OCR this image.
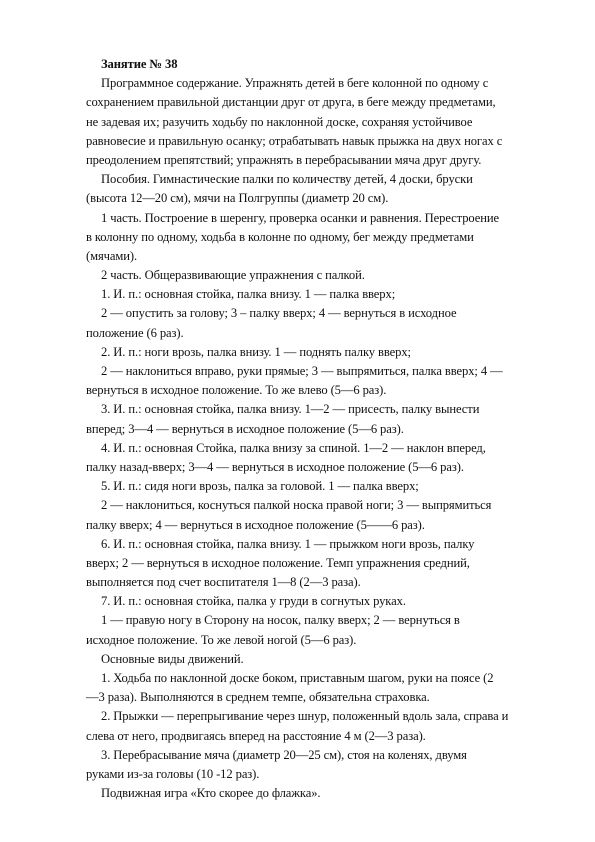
Занятие № 38
Программное содержание. Упражнять детей в беге колонной по одному с
сохранением правильной дистанции друг от друга, в беге между предметами,
не задевая их; разучить ходьбу по наклонной доске, сохраняя устойчивое
равновесие и правильную осанку; отрабатывать навык прыжка на двух ногах с
преодолением препятствий; упражнять в перебрасывании мяча друг другу.
Пособия. Гимнастические палки по количеству детей, 4 доски, бруски
(высота 12—20 см), мячи на Полгруппы (диаметр 20 см).
1 часть. Построение в шеренгу, проверка осанки и равнения. Перестроение
в колонну по одному, ходьба в колонне по одному, бег между предметами
(мячами).
2 часть. Общеразвивающие упражнения с палкой.
1. И. п.: основная стойка, палка внизу. 1 — палка вверх;
2 — опустить за голову; 3 – палку вверх; 4 — вернуться в исходное
положение (6 раз).
2. И. п.: ноги врозь, палка внизу. 1 — поднять палку вверх;
2 — наклониться вправо, руки прямые; 3 — выпрямиться, палка вверх; 4 —
вернуться в исходное положение. То же влево (5—6 раз).
3. И. п.: основная стойка, палка внизу. 1—2 — присесть, палку вынести
вперед; 3—4 — вернуться в исходное положение (5—6 раз).
4. И. п.: основная Стойка, палка внизу за спиной. 1—2 — наклон вперед,
палку назад-вверх; 3—4 — вернуться в исходное положение (5—6 раз).
5. И. п.: сидя ноги врозь, палка за головой. 1 — палка вверх;
2 — наклониться, коснуться палкой носка правой ноги; 3 — выпрямиться
палку вверх; 4 — вернуться в исходное положение (5——6 раз).
6. И. п.: основная стойка, палка внизу. 1 — прыжком ноги врозь, палку
вверх; 2 — вернуться в исходное положение. Темп упражнения средний,
выполняется под счет воспитателя 1—8 (2—3 раза).
7. И. п.: основная стойка, палка у груди в согнутых руках.
1 — правую ногу в Сторону на носок, палку вверх; 2 — вернуться в
исходное положение. То же левой ногой (5—6 раз).
Основные виды движений.
1. Ходьба по наклонной доске боком, приставным шагом, руки на поясе (2
—3 раза). Выполняются в среднем темпе, обязательна страховка.
2. Прыжки — перепрыгивание через шнур, положенный вдоль зала, справа и
слева от него, продвигаясь вперед на расстояние 4 м (2—3 раза).
3. Перебрасывание мяча (диаметр 20—25 см), стоя на коленях, двумя
руками из-за головы (10 -12 раз).
Подвижная игра «Кто скорее до флажка».
